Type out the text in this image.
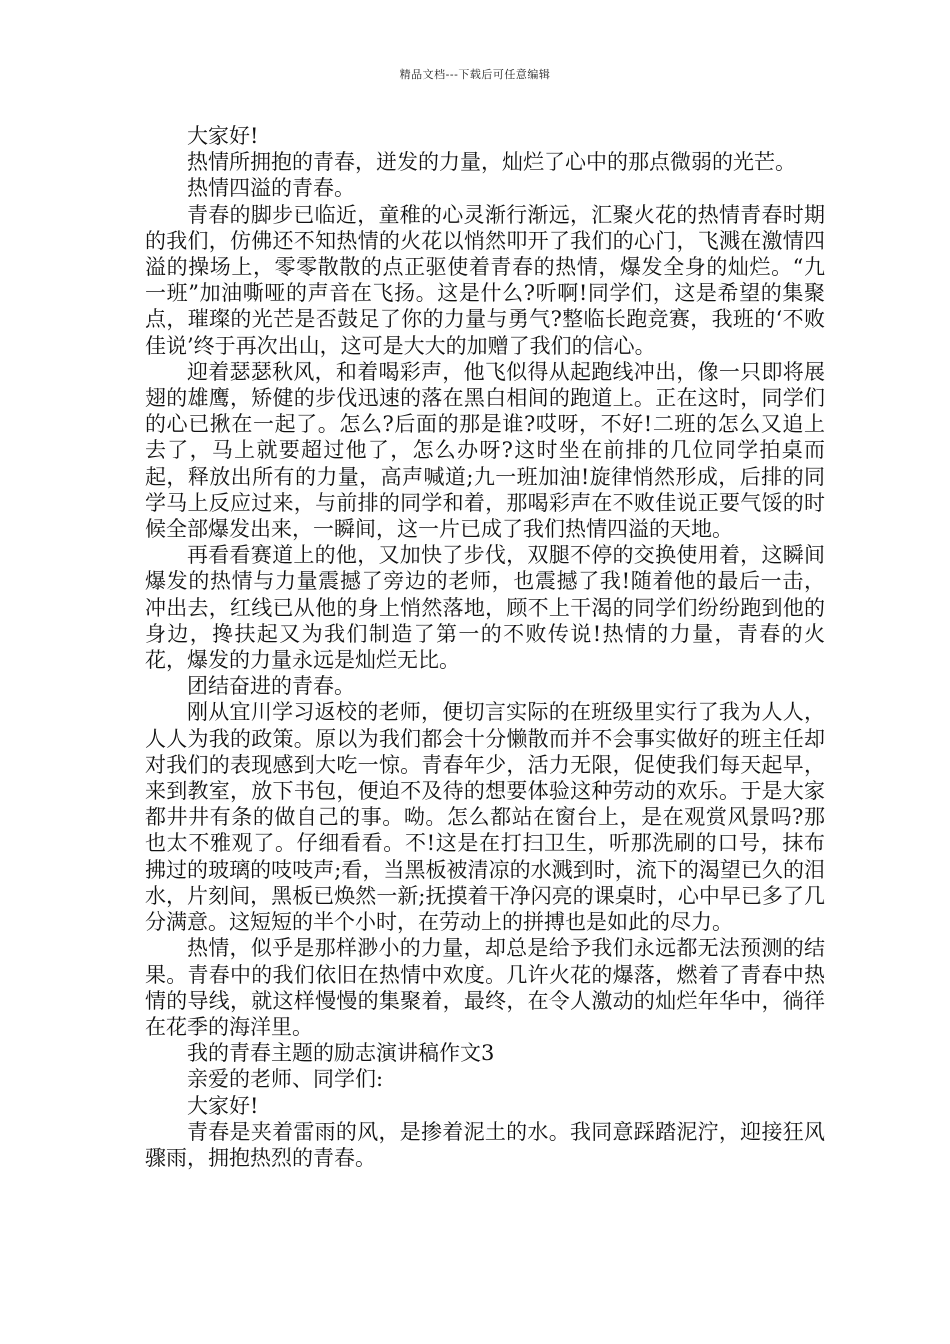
精品文档---下载后可任意编辑

大家好!

热情所拥抱的青春，迸发的力量，灿烂了心中的那点微弱的光芒。

热情四溢的青春。

青春的脚步已临近，童稚的心灵渐行渐远，汇聚火花的热情青春时期的我们，仿佛还不知热情的火花以悄然叩开了我们的心门，飞溅在激情四溢的操场上，零零散散的点正驱使着青春的热情，爆发全身的灿烂。“九一班”加油嘶哑的声音在飞扬。这是什么?听啊!同学们，这是希望的集聚点，璀璨的光芒是否鼓足了你的力量与勇气?整临长跑竞赛，我班的‘不败佳说’终于再次出山，这可是大大的加赠了我们的信心。

迎着瑟瑟秋风，和着喝彩声，他飞似得从起跑线冲出，像一只即将展翅的雄鹰，矫健的步伐迅速的落在黑白相间的跑道上。正在这时，同学们的心已揪在一起了。怎么?后面的那是谁?哎呀，不好!二班的怎么又追上去了，马上就要超过他了，怎么办呀?这时坐在前排的几位同学拍桌而起，释放出所有的力量，高声喊道;九一班加油!旋律悄然形成，后排的同学马上反应过来，与前排的同学和着，那喝彩声在不败佳说正要气馁的时候全部爆发出来，一瞬间，这一片已成了我们热情四溢的天地。

再看看赛道上的他，又加快了步伐，双腿不停的交换使用着，这瞬间爆发的热情与力量震撼了旁边的老师，也震撼了我!随着他的最后一击，冲出去，红线已从他的身上悄然落地，顾不上干渴的同学们纷纷跑到他的身边，搀扶起又为我们制造了第一的不败传说!热情的力量，青春的火花，爆发的力量永远是灿烂无比。

团结奋进的青春。

刚从宜川学习返校的老师，便切言实际的在班级里实行了我为人人，人人为我的政策。原以为我们都会十分懒散而并不会事实做好的班主任却对我们的表现感到大吃一惊。青春年少，活力无限，促使我们每天起早，来到教室，放下书包，便迫不及待的想要体验这种劳动的欢乐。于是大家都井井有条的做自己的事。呦。怎么都站在窗台上，是在观赏风景吗?那也太不雅观了。仔细看看。不!这是在打扫卫生，听那洗刷的口号，抹布拂过的玻璃的吱吱声;看，当黑板被清凉的水溅到时，流下的渴望已久的泪水，片刻间，黑板已焕然一新;抚摸着干净闪亮的课桌时，心中早已多了几分满意。这短短的半个小时，在劳动上的拼搏也是如此的尽力。

热情，似乎是那样渺小的力量，却总是给予我们永远都无法预测的结果。青春中的我们依旧在热情中欢度。几许火花的爆落，燃着了青春中热情的导线，就这样慢慢的集聚着，最终，在令人激动的灿烂年华中，徜徉在花季的海洋里。

我的青春主题的励志演讲稿作文3

亲爱的老师、同学们:

大家好!

青春是夹着雷雨的风，是掺着泥土的水。我同意踩踏泥泞，迎接狂风骤雨，拥抱热烈的青春。
